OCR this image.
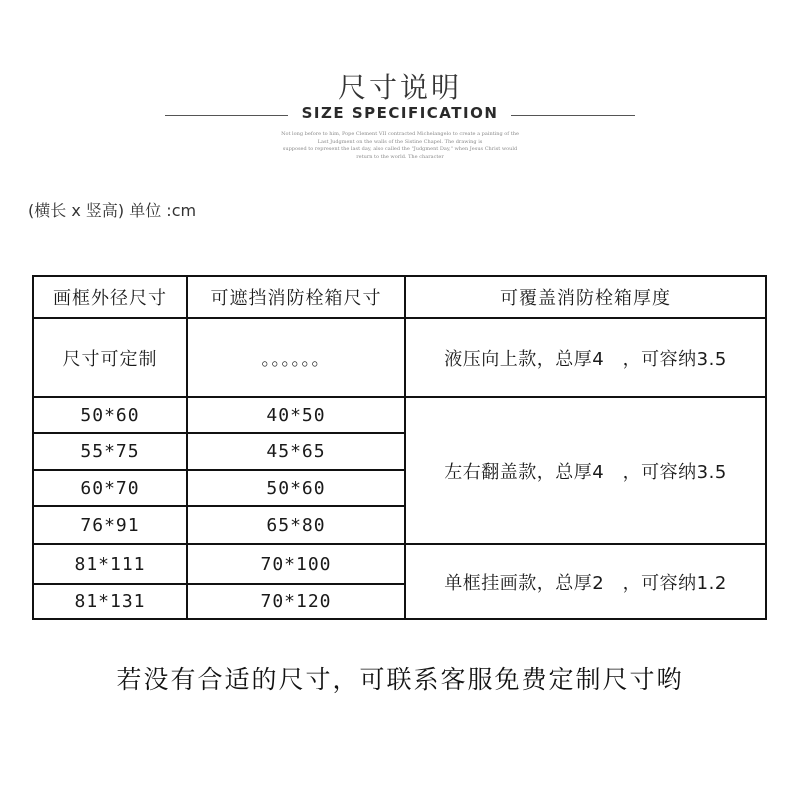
尺寸说明
SIZE SPECIFICATION
Not long before to him, Pope Clement VII contracted Michelangelo to create a painting of the
Last Judgment on the walls of the Sistine Chapel. The drawing is
supposed to represent the last day, also called the "Judgment Day," when Jesus Christ would
return to the world. The character
(横长 x 竖高) 单位 :cm
画框外径尺寸	可遮挡消防栓箱尺寸	可覆盖消防栓箱厚度
尺寸可定制	。。。。。。	液压向上款，总厚4　，可容纳3.5
50*60	40*50	左右翻盖款，总厚4　，可容纳3.5
55*75	45*65	
60*70	50*60	
76*91	65*80	
81*111	70*100	单框挂画款，总厚2　，可容纳1.2
81*131	70*120	
若没有合适的尺寸，可联系客服免费定制尺寸哟
